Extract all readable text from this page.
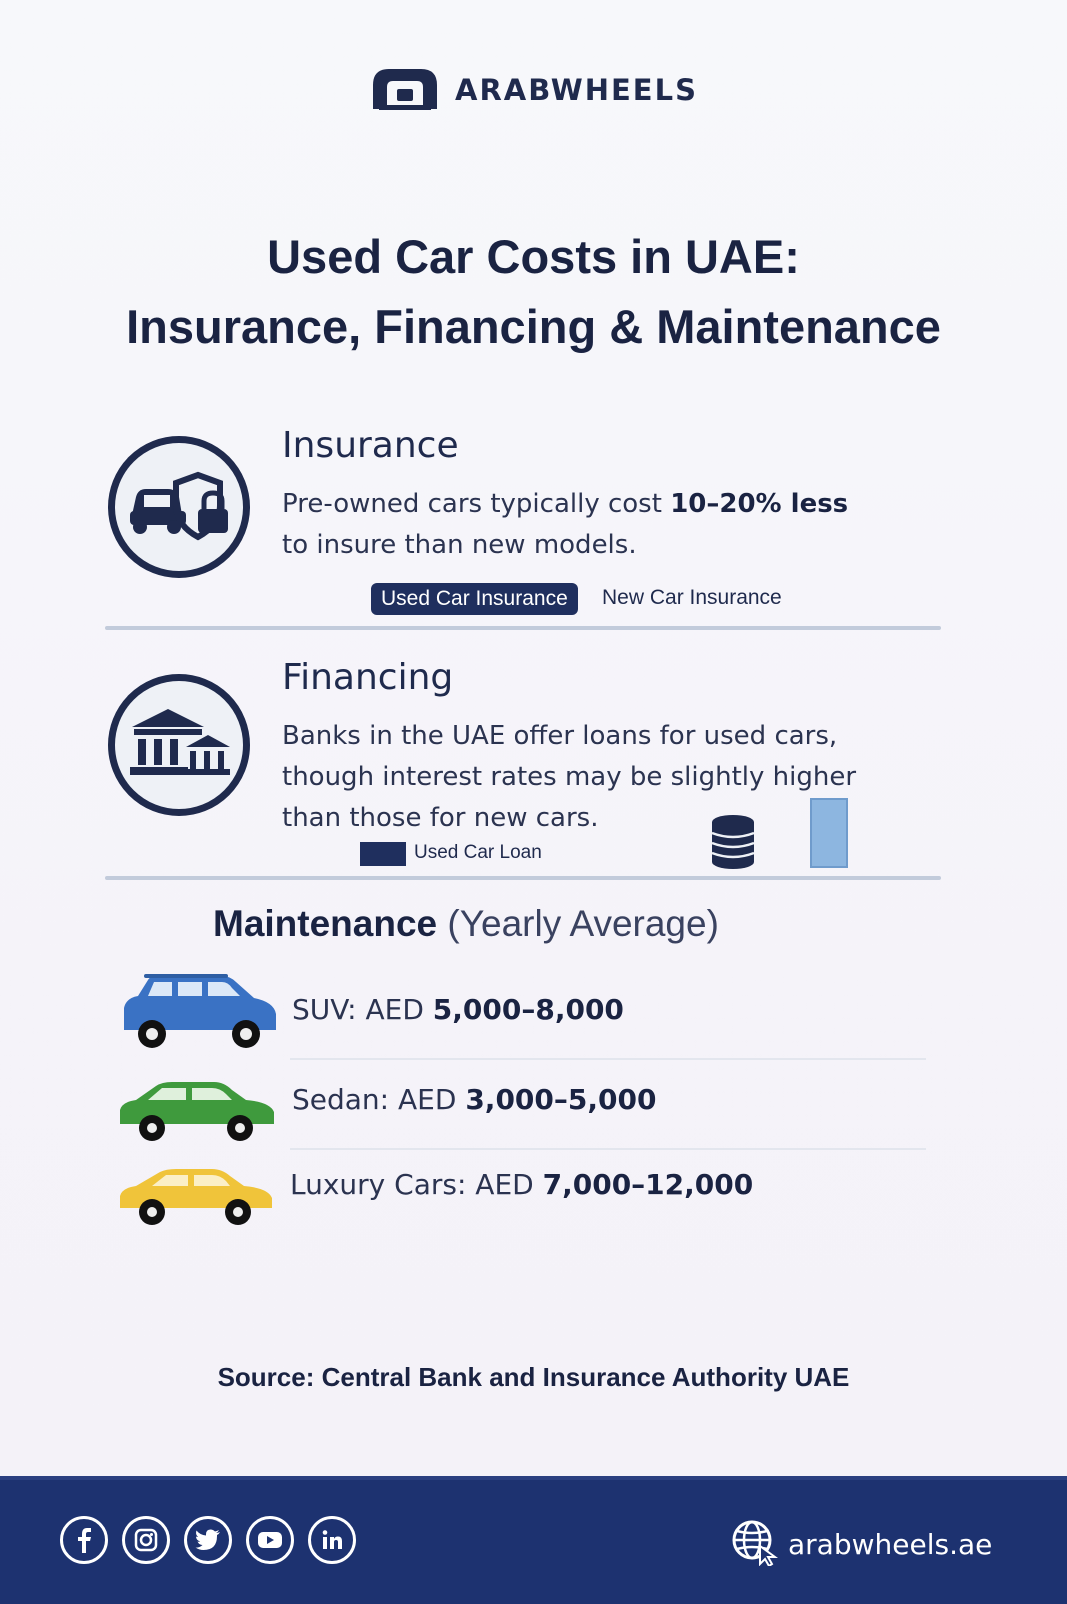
ARABWHEELS
Used Car Costs in UAE:
Insurance, Financing & Maintenance
Insurance
Pre-owned cars typically cost 10–20% less
to insure than new models.
Used Car Insurance	New Car Insurance
Financing
Banks in the UAE offer loans for used cars,
though interest rates may be slightly higher
than those for new cars.
Used Car Loan
Maintenance (Yearly Average)
SUV: AED 5,000–8,000
Sedan: AED 3,000–5,000
Luxury Cars: AED 7,000–12,000
Source: Central Bank and Insurance Authority UAE
arabwheels.ae
